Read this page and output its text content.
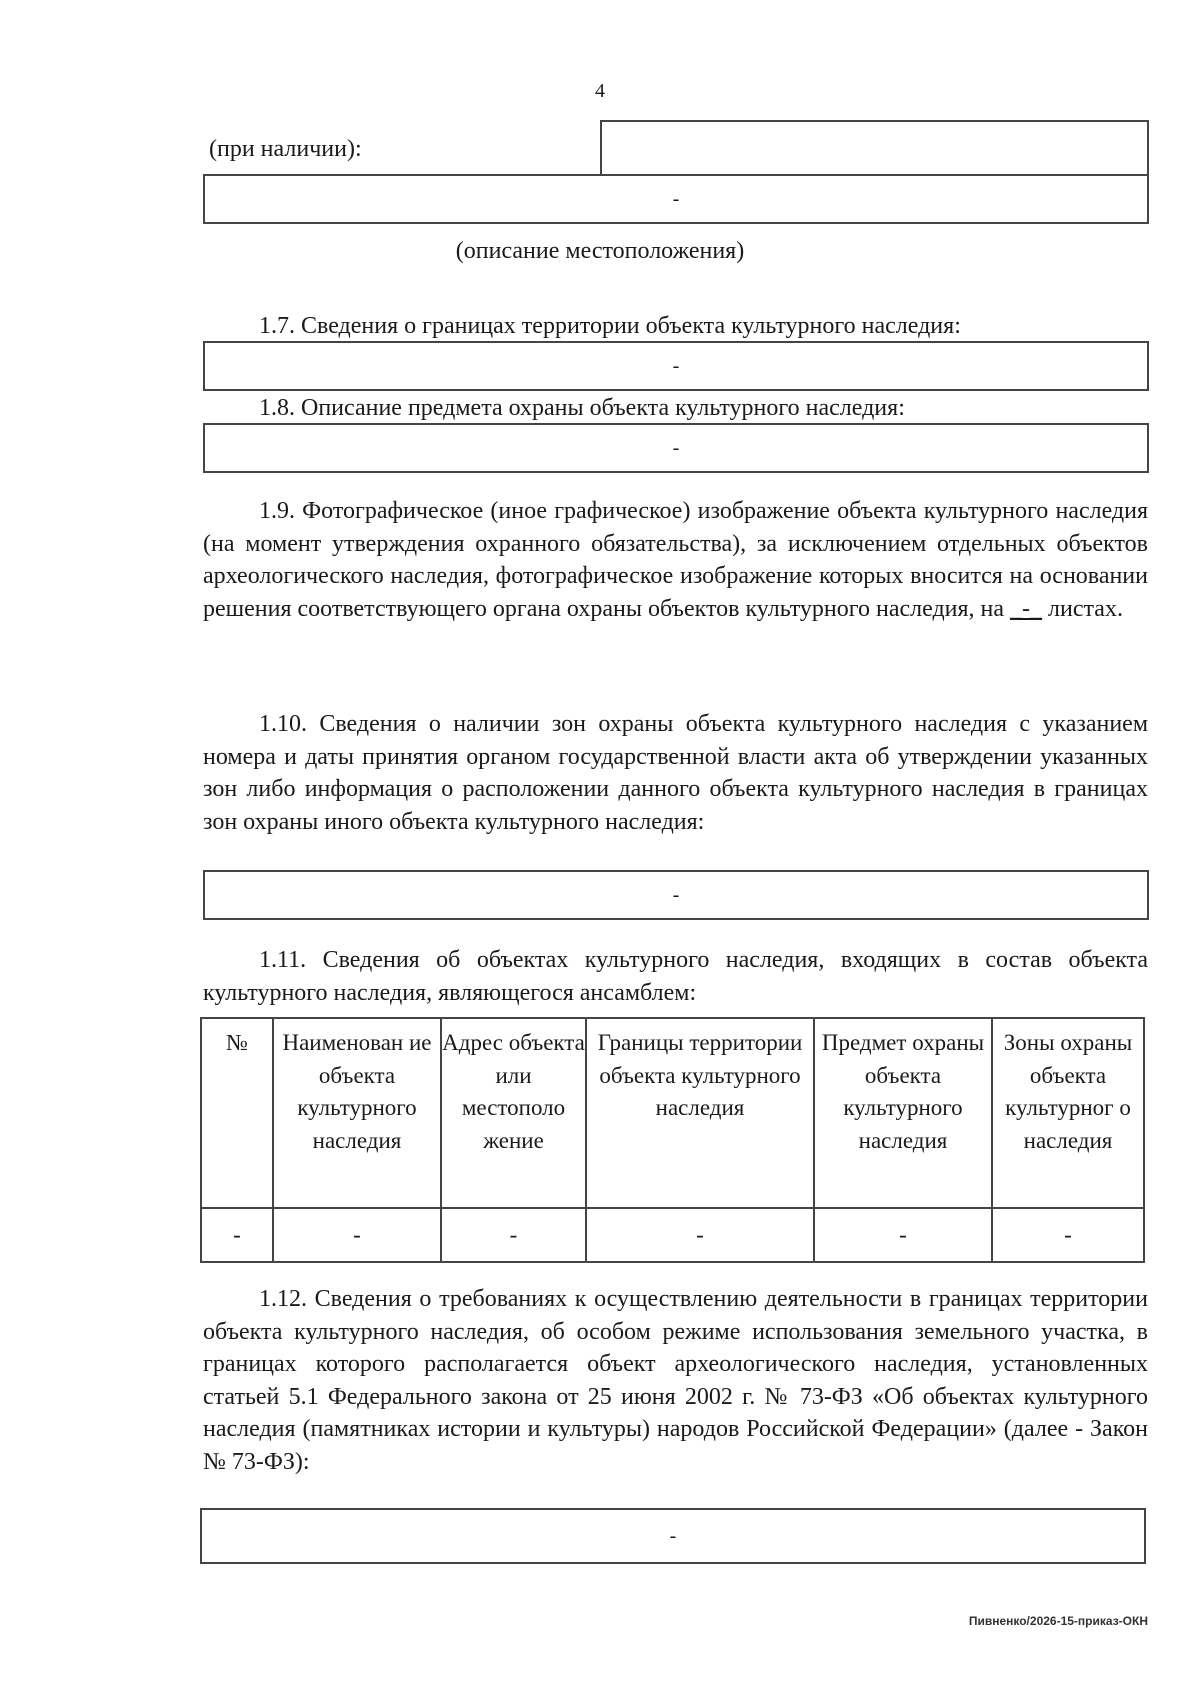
4
(при наличии):
-
(описание местоположения)
1.7. Сведения о границах территории объекта культурного наследия:
-
1.8. Описание предмета охраны объекта культурного наследия:
-
1.9. Фотографическое (иное графическое) изображение объекта культурного наследия (на момент утверждения охранного обязательства), за исключением отдельных объектов археологического наследия, фотографическое изображение которых вносится на основании решения соответствующего органа охраны объектов культурного наследия, на _-_ листах.
1.10. Сведения о наличии зон охраны объекта культурного наследия с указанием номера и даты принятия органом государственной власти акта об утверждении указанных зон либо информация о расположении данного объекта культурного наследия в границах зон охраны иного объекта культурного наследия:
-
1.11. Сведения об объектах культурного наследия, входящих в состав объекта культурного наследия, являющегося ансамблем:
№	Наименован ие объекта культурного наследия	Адрес объекта или местополо жение	Границы территории объекта культурного наследия	Предмет охраны объекта культурного наследия	Зоны охраны объекта культурног о наследия
-	-	-	-	-	-
1.12. Сведения о требованиях к осуществлению деятельности в границах территории объекта культурного наследия, об особом режиме использования земельного участка, в границах которого располагается объект археологического наследия, установленных статьей 5.1 Федерального закона от 25 июня 2002 г. № 73-ФЗ «Об объектах культурного наследия (памятниках истории и культуры) народов Российской Федерации» (далее - Закон № 73-ФЗ):
-
Пивненко/2026-15-приказ-ОКН
